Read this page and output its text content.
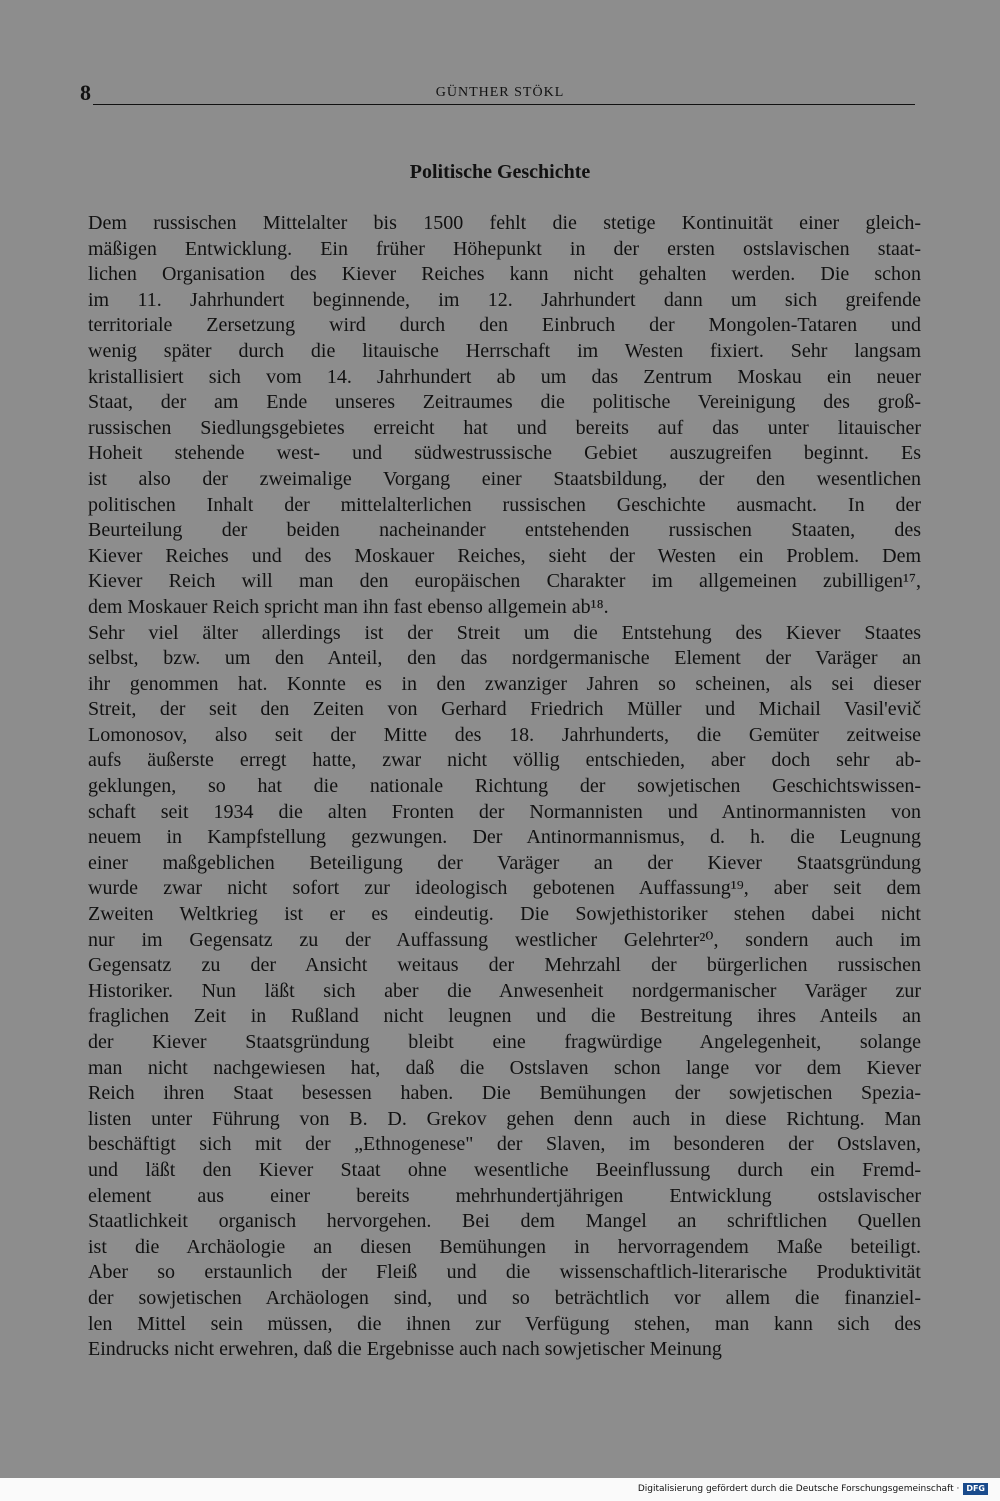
8	GÜNTHER STÖKL
Politische Geschichte
Dem russischen Mittelalter bis 1500 fehlt die stetige Kontinuität einer gleich-
mäßigen Entwicklung. Ein früher Höhepunkt in der ersten ostslavischen staat-
lichen Organisation des Kiever Reiches kann nicht gehalten werden. Die schon
im 11. Jahrhundert beginnende, im 12. Jahrhundert dann um sich greifende
territoriale Zersetzung wird durch den Einbruch der Mongolen-Tataren und
wenig später durch die litauische Herrschaft im Westen fixiert. Sehr langsam
kristallisiert sich vom 14. Jahrhundert ab um das Zentrum Moskau ein neuer
Staat, der am Ende unseres Zeitraumes die politische Vereinigung des groß-
russischen Siedlungsgebietes erreicht hat und bereits auf das unter litauischer
Hoheit stehende west- und südwestrussische Gebiet auszugreifen beginnt. Es
ist also der zweimalige Vorgang einer Staatsbildung, der den wesentlichen
politischen Inhalt der mittelalterlichen russischen Geschichte ausmacht. In der
Beurteilung der beiden nacheinander entstehenden russischen Staaten, des
Kiever Reiches und des Moskauer Reiches, sieht der Westen ein Problem. Dem
Kiever Reich will man den europäischen Charakter im allgemeinen zubilligen¹⁷,
dem Moskauer Reich spricht man ihn fast ebenso allgemein ab¹⁸.
Sehr viel älter allerdings ist der Streit um die Entstehung des Kiever Staates
selbst, bzw. um den Anteil, den das nordgermanische Element der Varäger an
ihr genommen hat. Konnte es in den zwanziger Jahren so scheinen, als sei dieser
Streit, der seit den Zeiten von Gerhard Friedrich Müller und Michail Vasil'evič
Lomonosov, also seit der Mitte des 18. Jahrhunderts, die Gemüter zeitweise
aufs äußerste erregt hatte, zwar nicht völlig entschieden, aber doch sehr ab-
geklungen, so hat die nationale Richtung der sowjetischen Geschichtswissen-
schaft seit 1934 die alten Fronten der Normannisten und Antinormannisten von
neuem in Kampfstellung gezwungen. Der Antinormannismus, d. h. die Leugnung
einer maßgeblichen Beteiligung der Varäger an der Kiever Staatsgründung
wurde zwar nicht sofort zur ideologisch gebotenen Auffassung¹⁹, aber seit dem
Zweiten Weltkrieg ist er es eindeutig. Die Sowjethistoriker stehen dabei nicht
nur im Gegensatz zu der Auffassung westlicher Gelehrter²⁰, sondern auch im
Gegensatz zu der Ansicht weitaus der Mehrzahl der bürgerlichen russischen
Historiker. Nun läßt sich aber die Anwesenheit nordgermanischer Varäger zur
fraglichen Zeit in Rußland nicht leugnen und die Bestreitung ihres Anteils an
der Kiever Staatsgründung bleibt eine fragwürdige Angelegenheit, solange
man nicht nachgewiesen hat, daß die Ostslaven schon lange vor dem Kiever
Reich ihren Staat besessen haben. Die Bemühungen der sowjetischen Spezia-
listen unter Führung von B. D. Grekov gehen denn auch in diese Richtung. Man
beschäftigt sich mit der „Ethnogenese" der Slaven, im besonderen der Ostslaven,
und läßt den Kiever Staat ohne wesentliche Beeinflussung durch ein Fremd-
element aus einer bereits mehrhundertjährigen Entwicklung ostslavischer
Staatlichkeit organisch hervorgehen. Bei dem Mangel an schriftlichen Quellen
ist die Archäologie an diesen Bemühungen in hervorragendem Maße beteiligt.
Aber so erstaunlich der Fleiß und die wissenschaftlich-literarische Produktivität
der sowjetischen Archäologen sind, und so beträchtlich vor allem die finanziel-
len Mittel sein müssen, die ihnen zur Verfügung stehen, man kann sich des
Eindrucks nicht erwehren, daß die Ergebnisse auch nach sowjetischer Meinung
Digitalisierung gefördert durch die Deutsche Forschungsgemeinschaft · DFG
